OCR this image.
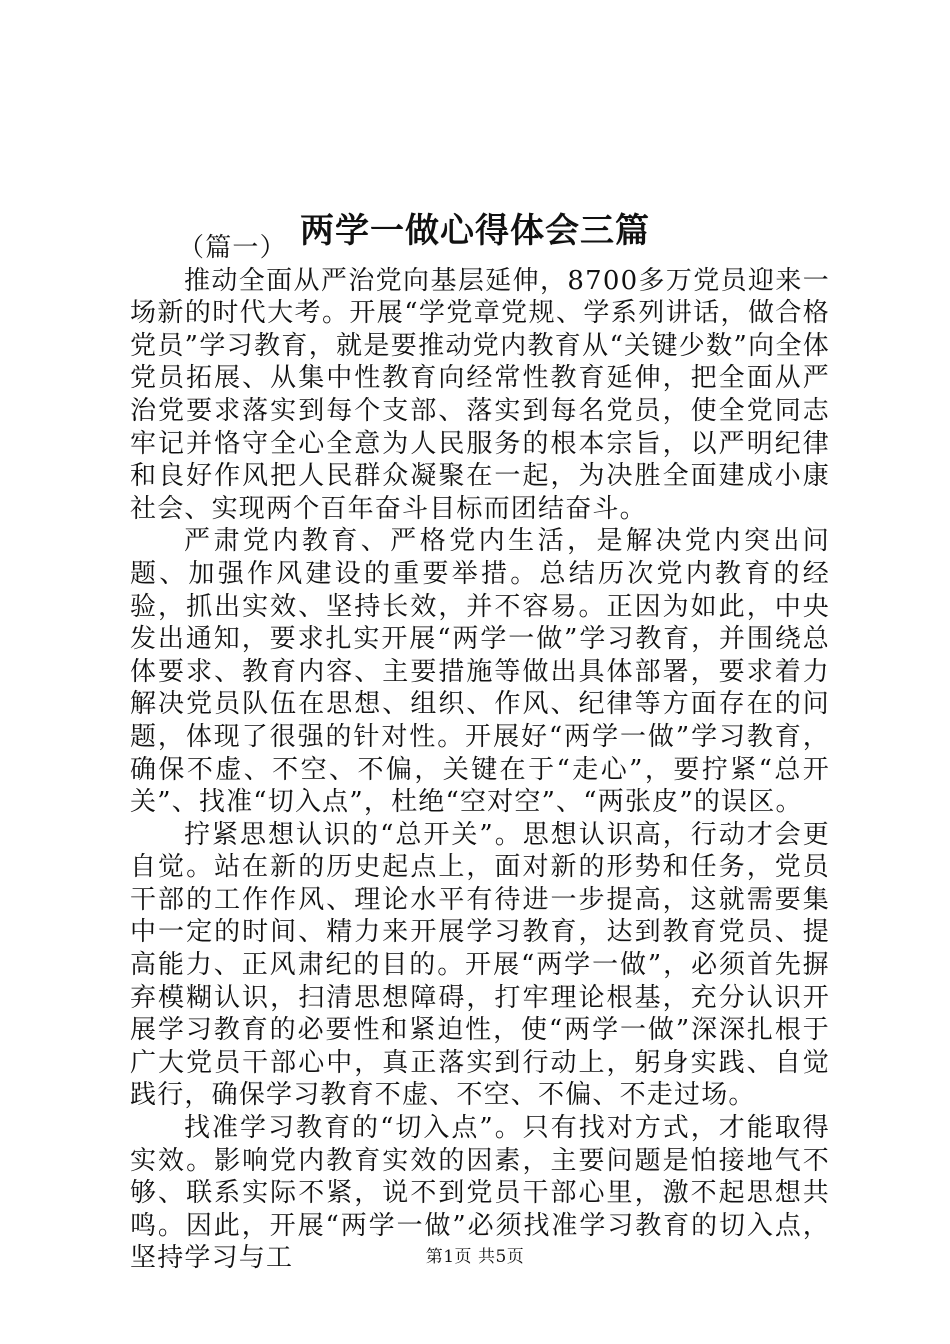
两学一做心得体会三篇

（篇一）

推动全面从严治党向基层延伸，8700多万党员迎来一场新的时代大考。开展“学党章党规、学系列讲话，做合格党员”学习教育，就是要推动党内教育从“关键少数”向全体党员拓展、从集中性教育向经常性教育延伸，把全面从严治党要求落实到每个支部、落实到每名党员，使全党同志牢记并恪守全心全意为人民服务的根本宗旨，以严明纪律和良好作风把人民群众凝聚在一起，为决胜全面建成小康社会、实现两个百年奋斗目标而团结奋斗。

严肃党内教育、严格党内生活，是解决党内突出问题、加强作风建设的重要举措。总结历次党内教育的经验，抓出实效、坚持长效，并不容易。正因为如此，中央发出通知，要求扎实开展“两学一做”学习教育，并围绕总体要求、教育内容、主要措施等做出具体部署，要求着力解决党员队伍在思想、组织、作风、纪律等方面存在的问题，体现了很强的针对性。开展好“两学一做”学习教育，确保不虚、不空、不偏，关键在于“走心”，要拧紧“总开关”、找准“切入点”，杜绝“空对空”、“两张皮”的误区。

拧紧思想认识的“总开关”。思想认识高，行动才会更自觉。站在新的历史起点上，面对新的形势和任务，党员干部的工作作风、理论水平有待进一步提高，这就需要集中一定的时间、精力来开展学习教育，达到教育党员、提高能力、正风肃纪的目的。开展“两学一做”，必须首先摒弃模糊认识，扫清思想障碍，打牢理论根基，充分认识开展学习教育的必要性和紧迫性，使“两学一做”深深扎根于广大党员干部心中，真正落实到行动上，躬身实践、自觉践行，确保学习教育不虚、不空、不偏、不走过场。

找准学习教育的“切入点”。只有找对方式，才能取得实效。影响党内教育实效的因素，主要问题是怕接地气不够、联系实际不紧，说不到党员干部心里，激不起思想共鸣。因此，开展“两学一做”必须找准学习教育的切入点，坚持学习与工	第1页 共5页
